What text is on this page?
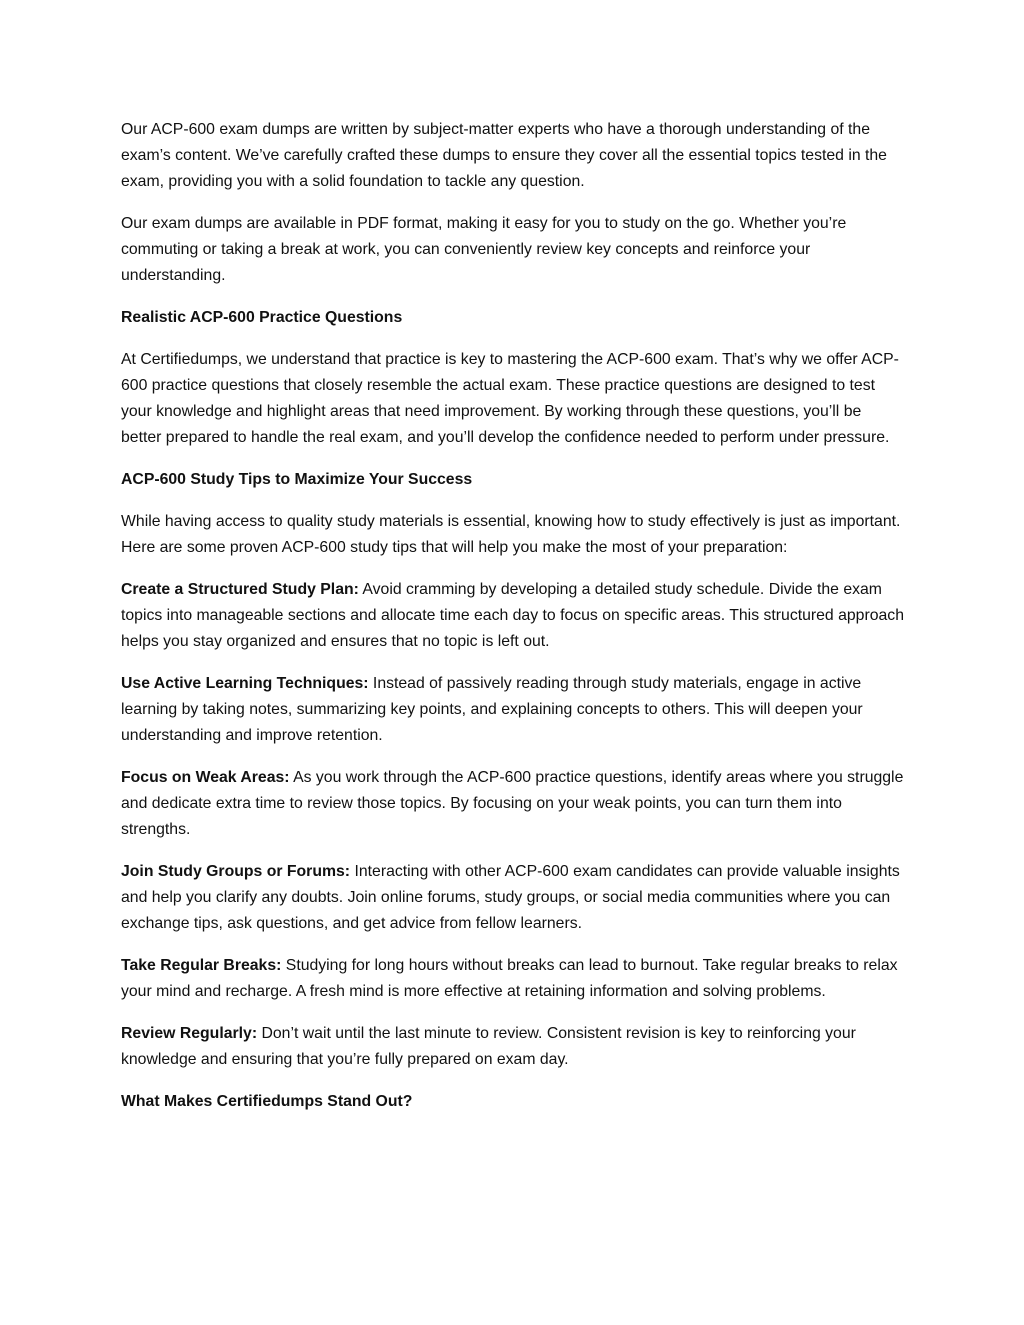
Our ACP-600 exam dumps are written by subject-matter experts who have a thorough understanding of the exam’s content. We’ve carefully crafted these dumps to ensure they cover all the essential topics tested in the exam, providing you with a solid foundation to tackle any question.

Our exam dumps are available in PDF format, making it easy for you to study on the go. Whether you’re commuting or taking a break at work, you can conveniently review key concepts and reinforce your understanding.

Realistic ACP-600 Practice Questions

At Certifiedumps, we understand that practice is key to mastering the ACP-600 exam. That’s why we offer ACP-600 practice questions that closely resemble the actual exam. These practice questions are designed to test your knowledge and highlight areas that need improvement. By working through these questions, you’ll be better prepared to handle the real exam, and you’ll develop the confidence needed to perform under pressure.

ACP-600 Study Tips to Maximize Your Success

While having access to quality study materials is essential, knowing how to study effectively is just as important. Here are some proven ACP-600 study tips that will help you make the most of your preparation:

Create a Structured Study Plan: Avoid cramming by developing a detailed study schedule. Divide the exam topics into manageable sections and allocate time each day to focus on specific areas. This structured approach helps you stay organized and ensures that no topic is left out.

Use Active Learning Techniques: Instead of passively reading through study materials, engage in active learning by taking notes, summarizing key points, and explaining concepts to others. This will deepen your understanding and improve retention.

Focus on Weak Areas: As you work through the ACP-600 practice questions, identify areas where you struggle and dedicate extra time to review those topics. By focusing on your weak points, you can turn them into strengths.

Join Study Groups or Forums: Interacting with other ACP-600 exam candidates can provide valuable insights and help you clarify any doubts. Join online forums, study groups, or social media communities where you can exchange tips, ask questions, and get advice from fellow learners.

Take Regular Breaks: Studying for long hours without breaks can lead to burnout. Take regular breaks to relax your mind and recharge. A fresh mind is more effective at retaining information and solving problems.

Review Regularly: Don’t wait until the last minute to review. Consistent revision is key to reinforcing your knowledge and ensuring that you’re fully prepared on exam day.

What Makes Certifiedumps Stand Out?
